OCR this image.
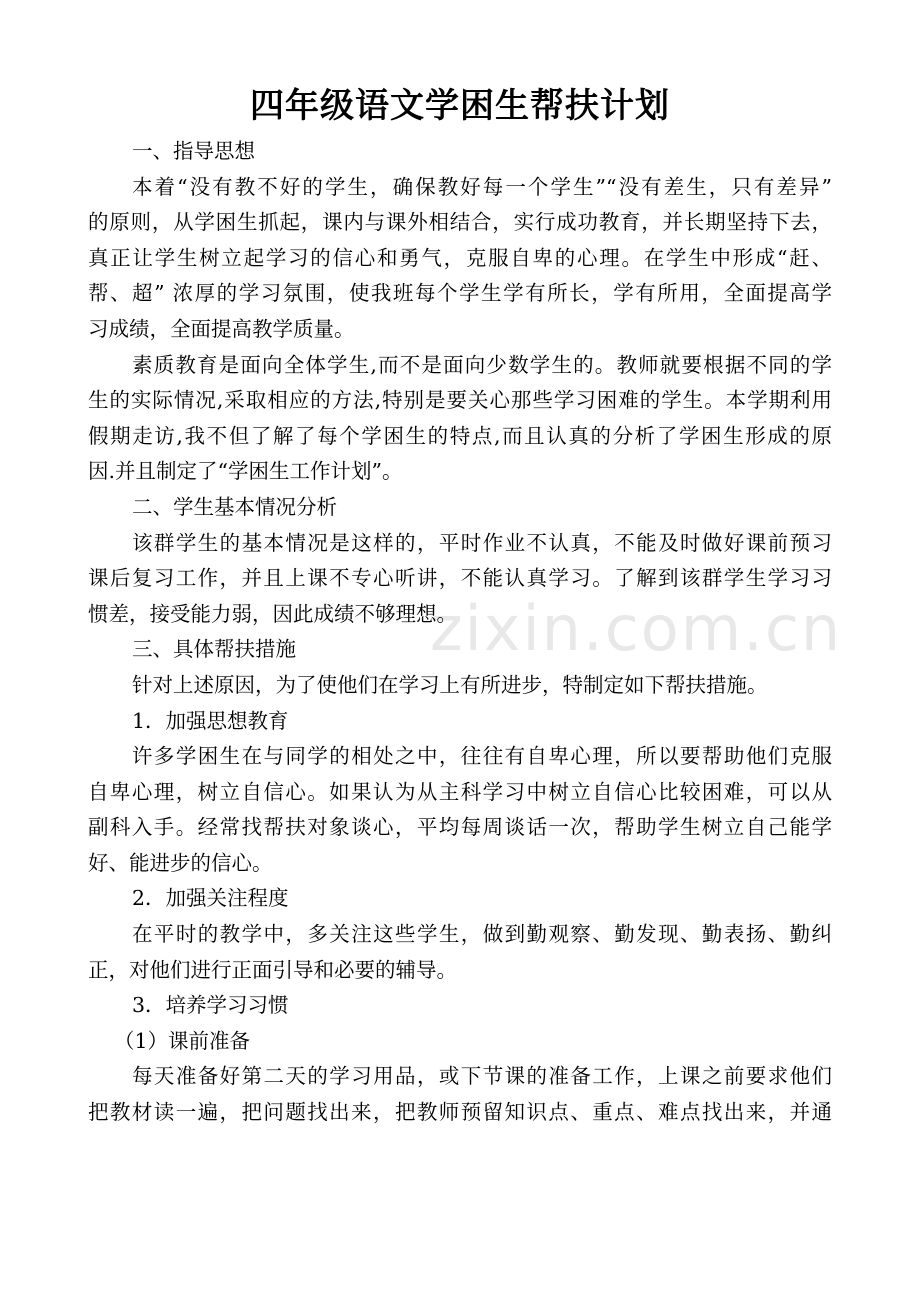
zixin.com.cn
四年级语文学困生帮扶计划
一、指导思想
本着“没有教不好的学生，确保教好每一个学生”“没有差生，只有差异”
的原则，从学困生抓起，课内与课外相结合，实行成功教育，并长期坚持下去，
真正让学生树立起学习的信心和勇气，克服自卑的心理。在学生中形成“赶、
帮、超” 浓厚的学习氛围，使我班每个学生学有所长，学有所用，全面提高学
习成绩，全面提高教学质量。
素质教育是面向全体学生,而不是面向少数学生的。教师就要根据不同的学
生的实际情况,采取相应的方法,特别是要关心那些学习困难的学生。本学期利用
假期走访,我不但了解了每个学困生的特点,而且认真的分析了学困生形成的原
因.并且制定了“学困生工作计划”。
二、学生基本情况分析
该群学生的基本情况是这样的，平时作业不认真，不能及时做好课前预习
课后复习工作，并且上课不专心听讲，不能认真学习。了解到该群学生学习习
惯差，接受能力弱，因此成绩不够理想。
三、具体帮扶措施
针对上述原因，为了使他们在学习上有所进步，特制定如下帮扶措施。
1．加强思想教育
许多学困生在与同学的相处之中，往往有自卑心理，所以要帮助他们克服
自卑心理，树立自信心。如果认为从主科学习中树立自信心比较困难，可以从
副科入手。经常找帮扶对象谈心，平均每周谈话一次，帮助学生树立自己能学
好、能进步的信心。
2．加强关注程度
在平时的教学中，多关注这些学生，做到勤观察、勤发现、勤表扬、勤纠
正，对他们进行正面引导和必要的辅导。
3．培养学习习惯
（1）课前准备
每天准备好第二天的学习用品，或下节课的准备工作，上课之前要求他们
把教材读一遍，把问题找出来，把教师预留知识点、重点、难点找出来，并通
